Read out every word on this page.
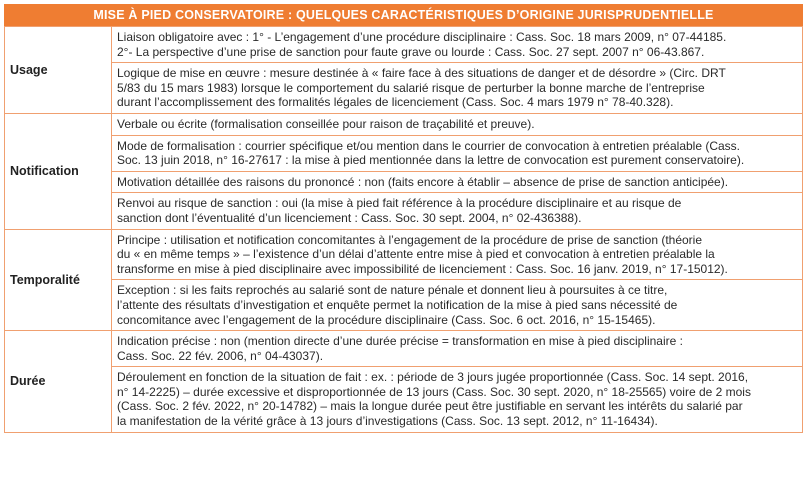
MISE À PIED CONSERVATOIRE : QUELQUES CARACTÉRISTIQUES D’ORIGINE JURISPRUDENTIELLE
Usage	Liaison obligatoire avec : 1° - L’engagement d’une procédure disciplinaire : Cass. Soc. 18 mars 2009, n° 07-44185.
2°- La perspective d’une prise de sanction pour faute grave ou lourde : Cass. Soc. 27 sept. 2007 n° 06-43.867.

	Logique de mise en œuvre : mesure destinée à « faire face à des situations de danger et de désordre » (Circ. DRT
5/83 du 15 mars 1983) lorsque le comportement du salarié risque de perturber la bonne marche de l’entreprise
durant l’accomplissement des formalités légales de licenciement (Cass. Soc. 4 mars 1979 n° 78-40.328).

Notification	Verbale ou écrite (formalisation conseillée pour raison de traçabilité et preuve).

	Mode de formalisation : courrier spécifique et/ou mention dans le courrier de convocation à entretien préalable (Cass.
Soc. 13 juin 2018, n° 16-27617 : la mise à pied mentionnée dans la lettre de convocation est purement conservatoire).

	Motivation détaillée des raisons du prononcé : non (faits encore à établir – absence de prise de sanction anticipée).

	Renvoi au risque de sanction : oui (la mise à pied fait référence à la procédure disciplinaire et au risque de
sanction dont l’éventualité d’un licenciement : Cass. Soc. 30 sept. 2004, n° 02-436388).

Temporalité	Principe : utilisation et notification concomitantes à l’engagement de la procédure de prise de sanction (théorie
du « en même temps » – l’existence d’un délai d’attente entre mise à pied et convocation à entretien préalable la
transforme en mise à pied disciplinaire avec impossibilité de licenciement : Cass. Soc. 16 janv. 2019, n° 17-15012).

	Exception : si les faits reprochés au salarié sont de nature pénale et donnent lieu à poursuites à ce titre,
l’attente des résultats d’investigation et enquête permet la notification de la mise à pied sans nécessité de
concomitance avec l’engagement de la procédure disciplinaire (Cass. Soc. 6 oct. 2016, n° 15-15465).

Durée	Indication précise : non (mention directe d’une durée précise = transformation en mise à pied disciplinaire :
Cass. Soc. 22 fév. 2006, n° 04-43037).

	Déroulement en fonction de la situation de fait : ex. : période de 3 jours jugée proportionnée (Cass. Soc. 14 sept. 2016,
n° 14-2225) – durée excessive et disproportionnée de 13 jours (Cass. Soc. 30 sept. 2020, n° 18-25565) voire de 2 mois
(Cass. Soc. 2 fév. 2022, n° 20-14782) – mais la longue durée peut être justifiable en servant les intérêts du salarié par
la manifestation de la vérité grâce à 13 jours d’investigations (Cass. Soc. 13 sept. 2012, n° 11-16434).
